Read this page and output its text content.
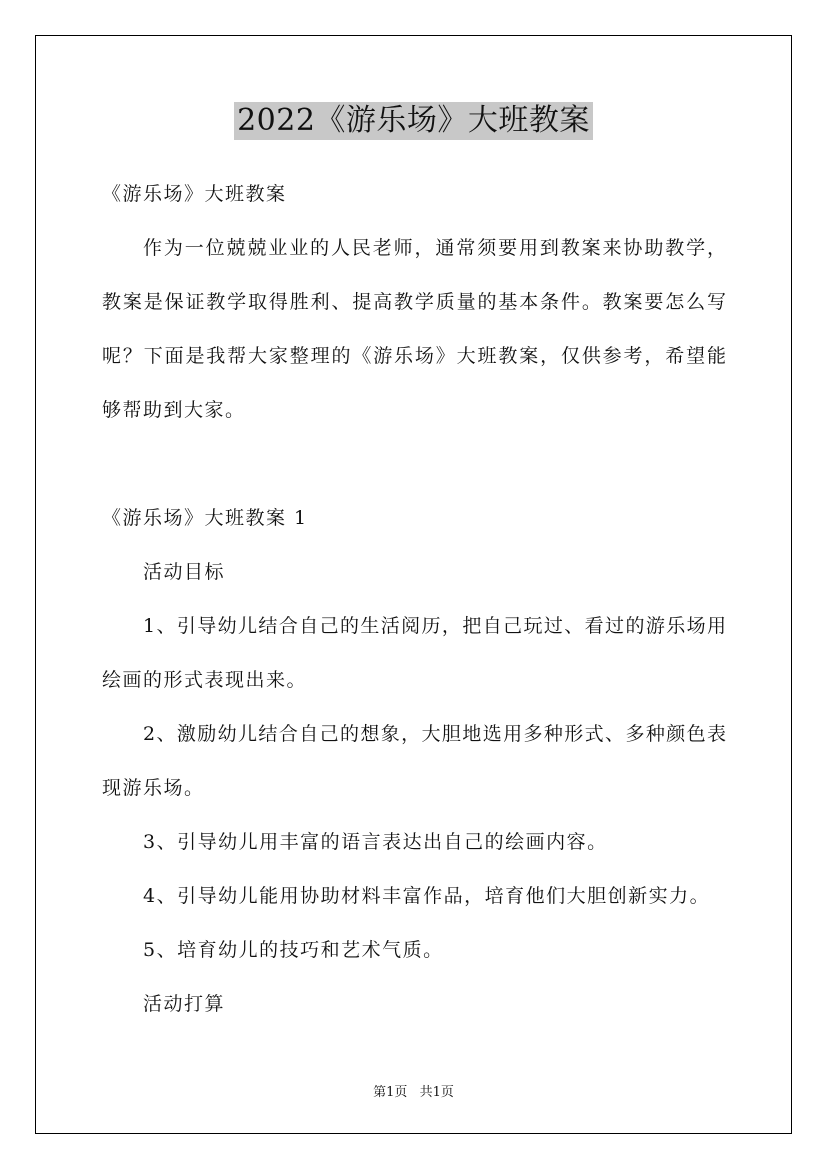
2022《游乐场》大班教案
《游乐场》大班教案
作为一位兢兢业业的人民老师，通常须要用到教案来协助教学，
教案是保证教学取得胜利、提高教学质量的基本条件。教案要怎么写
呢？下面是我帮大家整理的《游乐场》大班教案，仅供参考，希望能
够帮助到大家。
《游乐场》大班教案 1
活动目标
1、引导幼儿结合自己的生活阅历，把自己玩过、看过的游乐场用
绘画的形式表现出来。
2、激励幼儿结合自己的想象，大胆地选用多种形式、多种颜色表
现游乐场。
3、引导幼儿用丰富的语言表达出自己的绘画内容。
4、引导幼儿能用协助材料丰富作品，培育他们大胆创新实力。
5、培育幼儿的技巧和艺术气质。
活动打算
第1页 共1页
